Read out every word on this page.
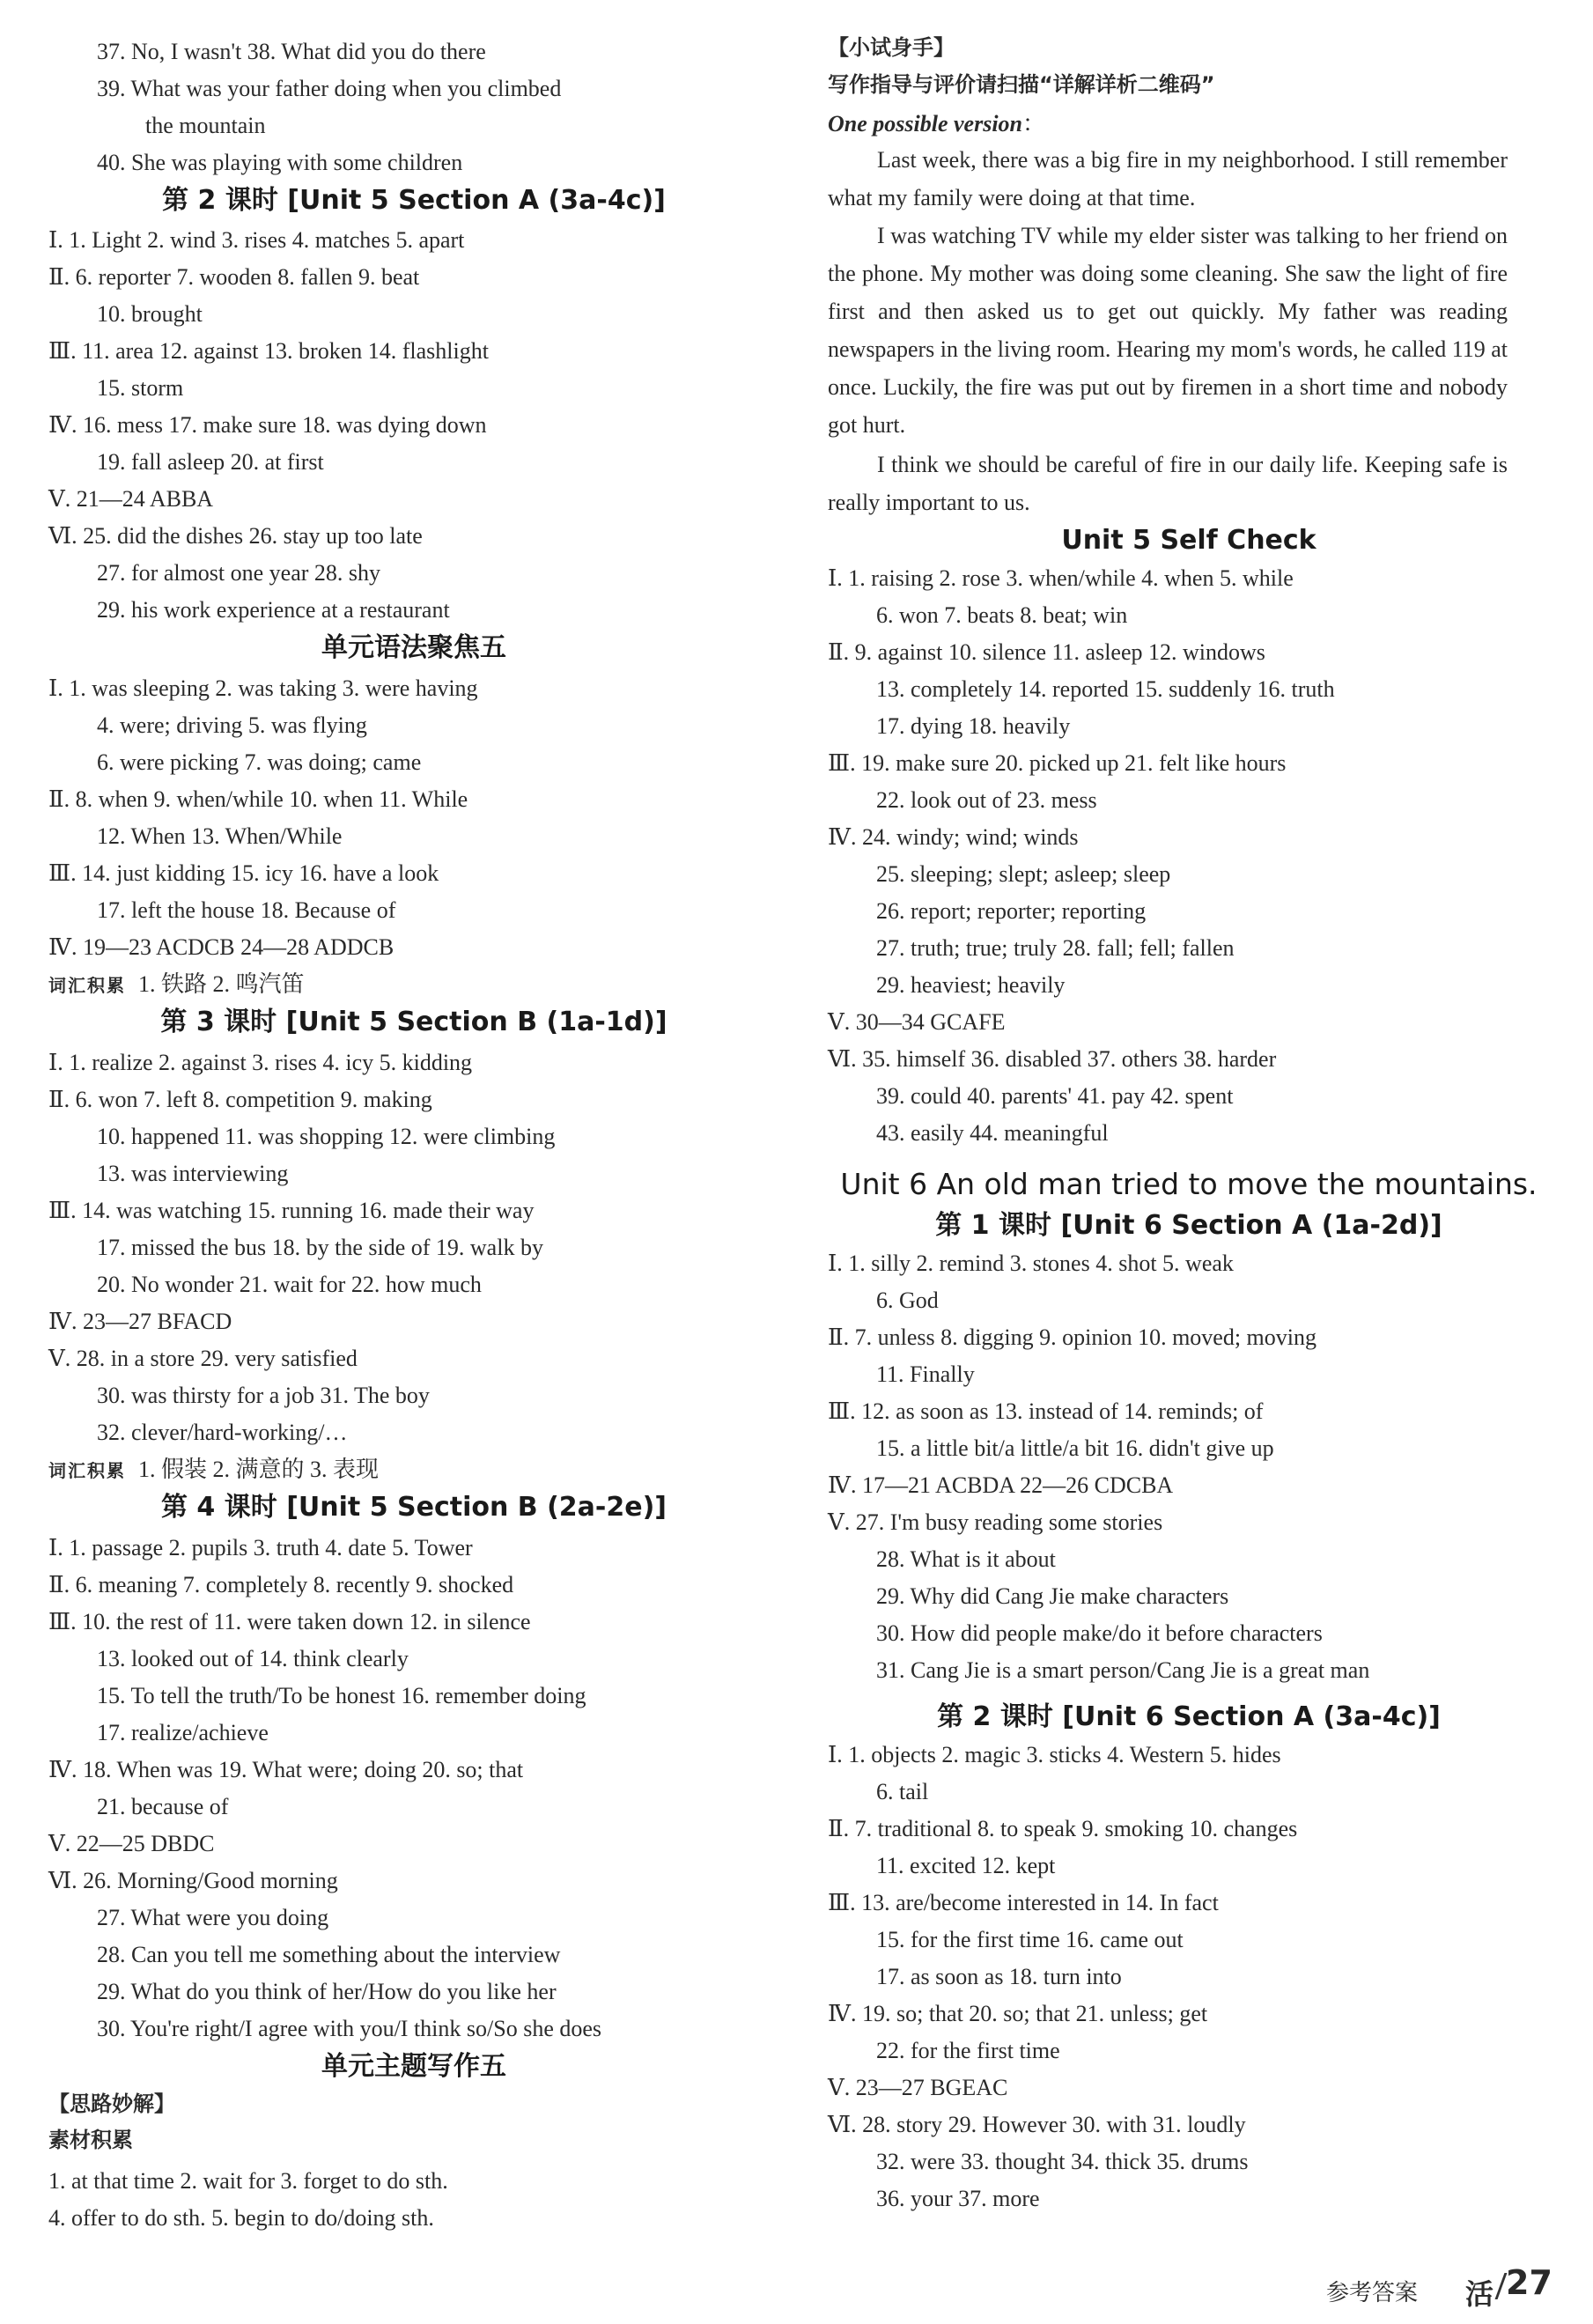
37. No, I wasn't 38. What did you do there
39. What was your father doing when you climbed
the mountain
40. She was playing with some children
Ⅰ. 1. Light 2. wind 3. rises 4. matches 5. apart
Ⅱ. 6. reporter 7. wooden 8. fallen 9. beat
10. brought
Ⅲ. 11. area 12. against 13. broken 14. flashlight
15. storm
Ⅳ. 16. mess 17. make sure 18. was dying down
19. fall asleep 20. at first
Ⅴ. 21—24 ABBA
Ⅵ. 25. did the dishes 26. stay up too late
27. for almost one year 28. shy
29. his work experience at a restaurant
Ⅰ. 1. was sleeping 2. was taking 3. were having
4. were; driving 5. was flying
6. were picking 7. was doing; came
Ⅱ. 8. when 9. when/while 10. when 11. While
12. When 13. When/While
Ⅲ. 14. just kidding 15. icy 16. have a look
17. left the house 18. Because of
Ⅳ. 19—23 ACDCB 24—28 ADDCB
Ⅰ. 1. realize 2. against 3. rises 4. icy 5. kidding
Ⅱ. 6. won 7. left 8. competition 9. making
10. happened 11. was shopping 12. were climbing
13. was interviewing
Ⅲ. 14. was watching 15. running 16. made their way
17. missed the bus 18. by the side of 19. walk by
20. No wonder 21. wait for 22. how much
Ⅳ. 23—27 BFACD
Ⅴ. 28. in a store 29. very satisfied
30. was thirsty for a job 31. The boy
32. clever/hard-working/…
Ⅰ. 1. passage 2. pupils 3. truth 4. date 5. Tower
Ⅱ. 6. meaning 7. completely 8. recently 9. shocked
Ⅲ. 10. the rest of 11. were taken down 12. in silence
13. looked out of 14. think clearly
15. To tell the truth/To be honest 16. remember doing
17. realize/achieve
Ⅳ. 18. When was 19. What were; doing 20. so; that
21. because of
Ⅴ. 22—25 DBDC
Ⅵ. 26. Morning/Good morning
27. What were you doing
28. Can you tell me something about the interview
29. What do you think of her/How do you like her
30. You're right/I agree with you/I think so/So she does
1. at that time 2. wait for 3. forget to do sth.
4. offer to do sth. 5. begin to do/doing sth.
第 2 课时 [Unit 5 Section A (3a-4c)]
单元语法聚焦五
第 3 课时 [Unit 5 Section B (1a-1d)]
第 4 课时 [Unit 5 Section B (2a-2e)]
单元主题写作五
词汇积累 1. 铁路 2. 鸣汽笛
词汇积累 1. 假装 2. 满意的 3. 表现
【思路妙解】
素材积累
【小试身手】
写作指导与评价请扫描“详解详析二维码”
One possible version：
Last week, there was a big fire in my neighborhood. I still remember what my family were doing at that time.
I was watching TV while my elder sister was talking to her friend on the phone. My mother was doing some cleaning. She saw the light of fire first and then asked us to get out quickly. My father was reading newspapers in the living room. Hearing my mom's words, he called 119 at once. Luckily, the fire was put out by firemen in a short time and nobody got hurt.
I think we should be careful of fire in our daily life. Keeping safe is really important to us.
Unit 5 Self Check
Unit 6 An old man tried to move the mountains.
第 1 课时 [Unit 6 Section A (1a-2d)]
第 2 课时 [Unit 6 Section A (3a-4c)]
Ⅰ. 1. raising 2. rose 3. when/while 4. when 5. while
6. won 7. beats 8. beat; win
Ⅱ. 9. against 10. silence 11. asleep 12. windows
13. completely 14. reported 15. suddenly 16. truth
17. dying 18. heavily
Ⅲ. 19. make sure 20. picked up 21. felt like hours
22. look out of 23. mess
Ⅳ. 24. windy; wind; winds
25. sleeping; slept; asleep; sleep
26. report; reporter; reporting
27. truth; true; truly 28. fall; fell; fallen
29. heaviest; heavily
Ⅴ. 30—34 GCAFE
Ⅵ. 35. himself 36. disabled 37. others 38. harder
39. could 40. parents' 41. pay 42. spent
43. easily 44. meaningful
Ⅰ. 1. silly 2. remind 3. stones 4. shot 5. weak
6. God
Ⅱ. 7. unless 8. digging 9. opinion 10. moved; moving
11. Finally
Ⅲ. 12. as soon as 13. instead of 14. reminds; of
15. a little bit/a little/a bit 16. didn't give up
Ⅳ. 17—21 ACBDA 22—26 CDCBA
Ⅴ. 27. I'm busy reading some stories
28. What is it about
29. Why did Cang Jie make characters
30. How did people make/do it before characters
31. Cang Jie is a smart person/Cang Jie is a great man
Ⅰ. 1. objects 2. magic 3. sticks 4. Western 5. hides
6. tail
Ⅱ. 7. traditional 8. to speak 9. smoking 10. changes
11. excited 12. kept
Ⅲ. 13. are/become interested in 14. In fact
15. for the first time 16. came out
17. as soon as 18. turn into
Ⅳ. 19. so; that 20. so; that 21. unless; get
22. for the first time
Ⅴ. 23—27 BGEAC
Ⅵ. 28. story 29. However 30. with 31. loudly
32. were 33. thought 34. thick 35. drums
36. your 37. more
参考答案 活 27
